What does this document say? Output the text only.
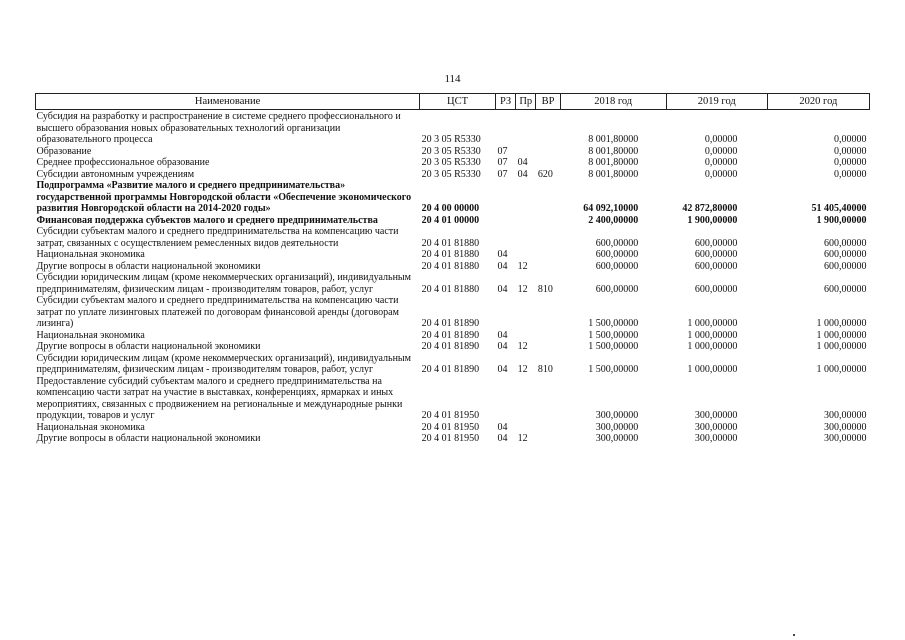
114
Наименование	ЦСТ	РЗ	Пр	ВР	2018 год	2019 год	2020 год
Субсидия на разработку и распространение в системе среднего профессионального и высшего образования новых образовательных технологий организации образовательного процесса	20 3 05 R5330				8 001,80000	0,00000	0,00000
Образование	20 3 05 R5330	07			8 001,80000	0,00000	0,00000
Среднее профессиональное образование	20 3 05 R5330	07	04		8 001,80000	0,00000	0,00000
Субсидии автономным учреждениям	20 3 05 R5330	07	04	620	8 001,80000	0,00000	0,00000
Подпрограмма «Развитие малого и среднего предпринимательства» государственной программы Новгородской области «Обеспечение экономического развития Новгородской области на 2014-2020 годы»	20 4 00 00000				64 092,10000	42 872,80000	51 405,40000
Финансовая поддержка субъектов малого и среднего предпринимательства	20 4 01 00000				2 400,00000	1 900,00000	1 900,00000
Субсидии субъектам малого и среднего предпринимательства на компенсацию части затрат, связанных с осуществлением ремесленных видов деятельности	20 4 01 81880				600,00000	600,00000	600,00000
Национальная экономика	20 4 01 81880	04			600,00000	600,00000	600,00000
Другие вопросы в области национальной экономики	20 4 01 81880	04	12		600,00000	600,00000	600,00000
Субсидии юридическим лицам (кроме некоммерческих организаций), индивидуальным предпринимателям, физическим лицам - производителям товаров, работ, услуг	20 4 01 81880	04	12	810	600,00000	600,00000	600,00000
Субсидии субъектам малого и среднего предпринимательства на компенсацию части затрат по уплате лизинговых платежей по договорам финансовой аренды (договорам лизинга)	20 4 01 81890				1 500,00000	1 000,00000	1 000,00000
Национальная экономика	20 4 01 81890	04			1 500,00000	1 000,00000	1 000,00000
Другие вопросы в области национальной экономики	20 4 01 81890	04	12		1 500,00000	1 000,00000	1 000,00000
Субсидии юридическим лицам (кроме некоммерческих организаций), индивидуальным предпринимателям, физическим лицам - производителям товаров, работ, услуг	20 4 01 81890	04	12	810	1 500,00000	1 000,00000	1 000,00000
Предоставление субсидий субъектам малого и среднего предпринимательства на компенсацию части затрат на участие в выставках, конференциях, ярмарках и иных мероприятиях, связанных с продвижением на региональные и международные рынки продукции, товаров и услуг	20 4 01 81950				300,00000	300,00000	300,00000
Национальная экономика	20 4 01 81950	04			300,00000	300,00000	300,00000
Другие вопросы в области национальной экономики	20 4 01 81950	04	12		300,00000	300,00000	300,00000
